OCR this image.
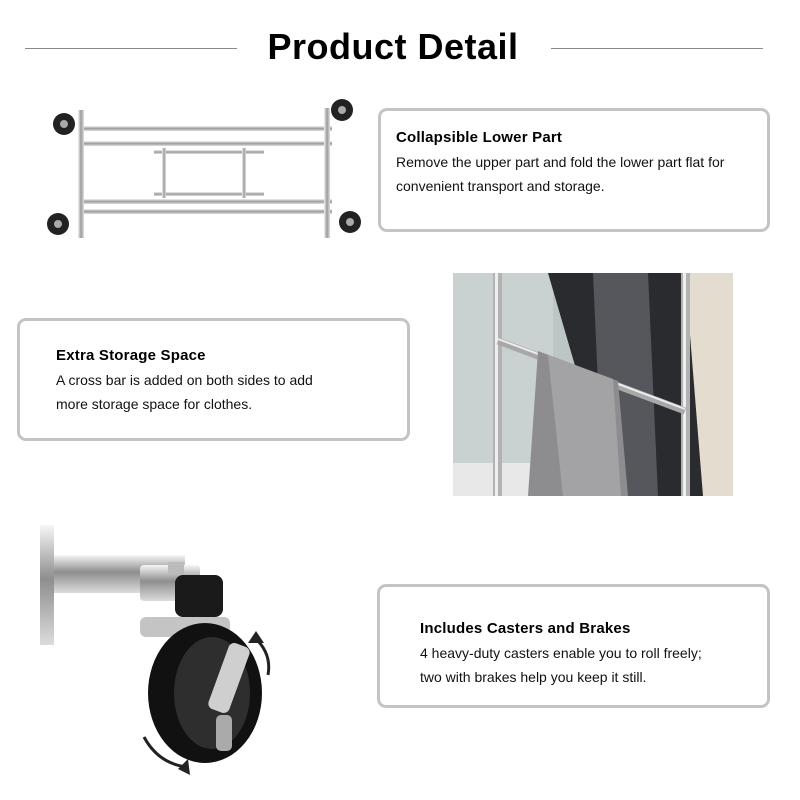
Product Detail
Collapsible Lower Part

Remove the upper part and fold the lower part flat for

convenient transport and storage.

Extra Storage Space

A cross bar is added on both sides to add

more storage space for clothes.

Includes Casters and Brakes

4 heavy-duty casters enable you to roll freely;

two with brakes help you keep it still.
